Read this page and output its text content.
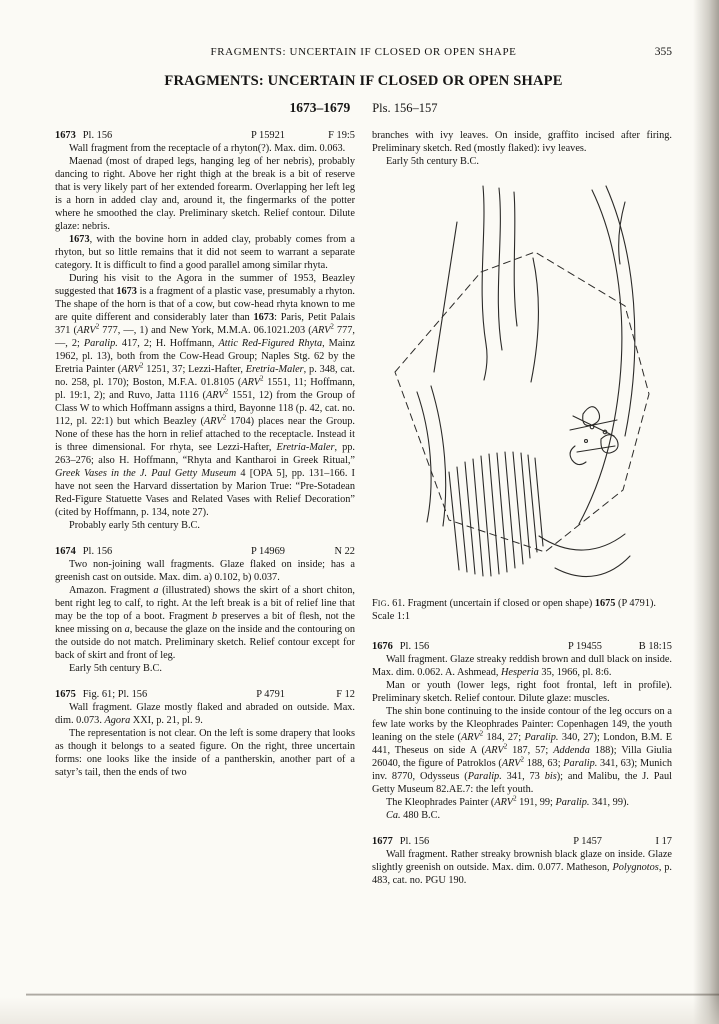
FRAGMENTS: UNCERTAIN IF CLOSED OR OPEN SHAPE	355
FRAGMENTS: UNCERTAIN IF CLOSED OR OPEN SHAPE
1673–1679 Pls. 156–157
1673 Pl. 156	P 15921	F 19:5

Wall fragment from the receptacle of a rhyton(?). Max. dim. 0.063.

Maenad (most of draped legs, hanging leg of her nebris), probably dancing to right. Above her right thigh at the break is a bit of reserve that is very likely part of her extended forearm. Overlapping her left leg is a horn in added clay and, around it, the fingermarks of the potter where he smoothed the clay. Preliminary sketch. Relief contour. Dilute glaze: nebris.

1673, with the bovine horn in added clay, probably comes from a rhyton, but so little remains that it did not seem to warrant a separate category. It is difficult to find a good parallel among similar rhyta.

During his visit to the Agora in the summer of 1953, Beazley suggested that 1673 is a fragment of a plastic vase, presumably a rhyton. The shape of the horn is that of a cow, but cow-head rhyta known to me are quite different and considerably later than 1673: Paris, Petit Palais 371 (ARV$^2$ 777, —, 1) and New York, M.M.A. 06.1021.203 (ARV$^2$ 777, —, 2; Paralip. 417, 2; H. Hoffmann, Attic Red-Figured Rhyta, Mainz 1962, pl. 13), both from the Cow-Head Group; Naples Stg. 62 by the Eretria Painter (ARV$^2$ 1251, 37; Lezzi-Hafter, Eretria-Maler, p. 348, cat. no. 258, pl. 170); Boston, M.F.A. 01.8105 (ARV$^2$ 1551, 11; Hoffmann, pl. 19:1, 2); and Ruvo, Jatta 1116 (ARV$^2$ 1551, 12) from the Group of Class W to which Hoffmann assigns a third, Bayonne 118 (p. 42, cat. no. 112, pl. 22:1) but which Beazley (ARV$^2$ 1704) places near the Group. None of these has the horn in relief attached to the receptacle. Instead it is three dimensional. For rhyta, see Lezzi-Hafter, Eretria-Maler, pp. 263–276; also H. Hoffmann, “Rhyta and Kantharoi in Greek Ritual,” Greek Vases in the J. Paul Getty Museum 4 [OPA 5], pp. 131–166. I have not seen the Harvard dissertation by Marion True: “Pre-Sotadean Red-Figure Statuette Vases and Related Vases with Relief Decoration” (cited by Hoffmann, p. 134, note 27).

Probably early 5th century B.C.

1674 Pl. 156	P 14969	N 22

Two non-joining wall fragments. Glaze flaked on inside; has a greenish cast on outside. Max. dim. a) 0.102, b) 0.037.

Amazon. Fragment a (illustrated) shows the skirt of a short chiton, bent right leg to calf, to right. At the left break is a bit of relief line that may be the top of a boot. Fragment b preserves a bit of flesh, not the knee missing on a, because the glaze on the inside and the contouring on the outside do not match. Preliminary sketch. Relief contour except for back of skirt and front of leg.

Early 5th century B.C.

1675 Fig. 61; Pl. 156	P 4791	F 12

Wall fragment. Glaze mostly flaked and abraded on outside. Max. dim. 0.073. Agora XXI, p. 21, pl. 9.

The representation is not clear. On the left is some drapery that looks as though it belongs to a seated figure. On the right, three uncertain forms: one looks like the inside of a pantherskin, another part of a satyr’s tail, then the ends of two

branches with ivy leaves. On inside, graffito incised after firing. Preliminary sketch. Red (mostly flaked): ivy leaves.

Early 5th century B.C.

FIG. 61. Fragment (uncertain if closed or open shape) 1675 (P 4791). Scale 1:1
1676 Pl. 156	P 19455	B 18:15

Wall fragment. Glaze streaky reddish brown and dull black on inside. Max. dim. 0.062. A. Ashmead, Hesperia 35, 1966, pl. 8:6.

Man or youth (lower legs, right foot frontal, left in profile). Preliminary sketch. Relief contour. Dilute glaze: muscles.

The shin bone continuing to the inside contour of the leg occurs on a few late works by the Kleophrades Painter: Copenhagen 149, the youth leaning on the stele (ARV$^2$ 184, 27; Paralip. 340, 27); London, B.M. E 441, Theseus on side A (ARV$^2$ 187, 57; Addenda 188); Villa Giulia 26040, the figure of Patroklos (ARV$^2$ 188, 63; Paralip. 341, 63); Munich inv. 8770, Odysseus (Paralip. 341, 73 bis); and Malibu, the J. Paul Getty Museum 82.AE.7: the left youth.

The Kleophrades Painter (ARV$^2$ 191, 99; Paralip. 341, 99).

Ca. 480 B.C.

1677 Pl. 156	P 1457	I 17

Wall fragment. Rather streaky brownish black glaze on inside. Glaze slightly greenish on outside. Max. dim. 0.077. Matheson, Polygnotos, p. 483, cat. no. PGU 190.
